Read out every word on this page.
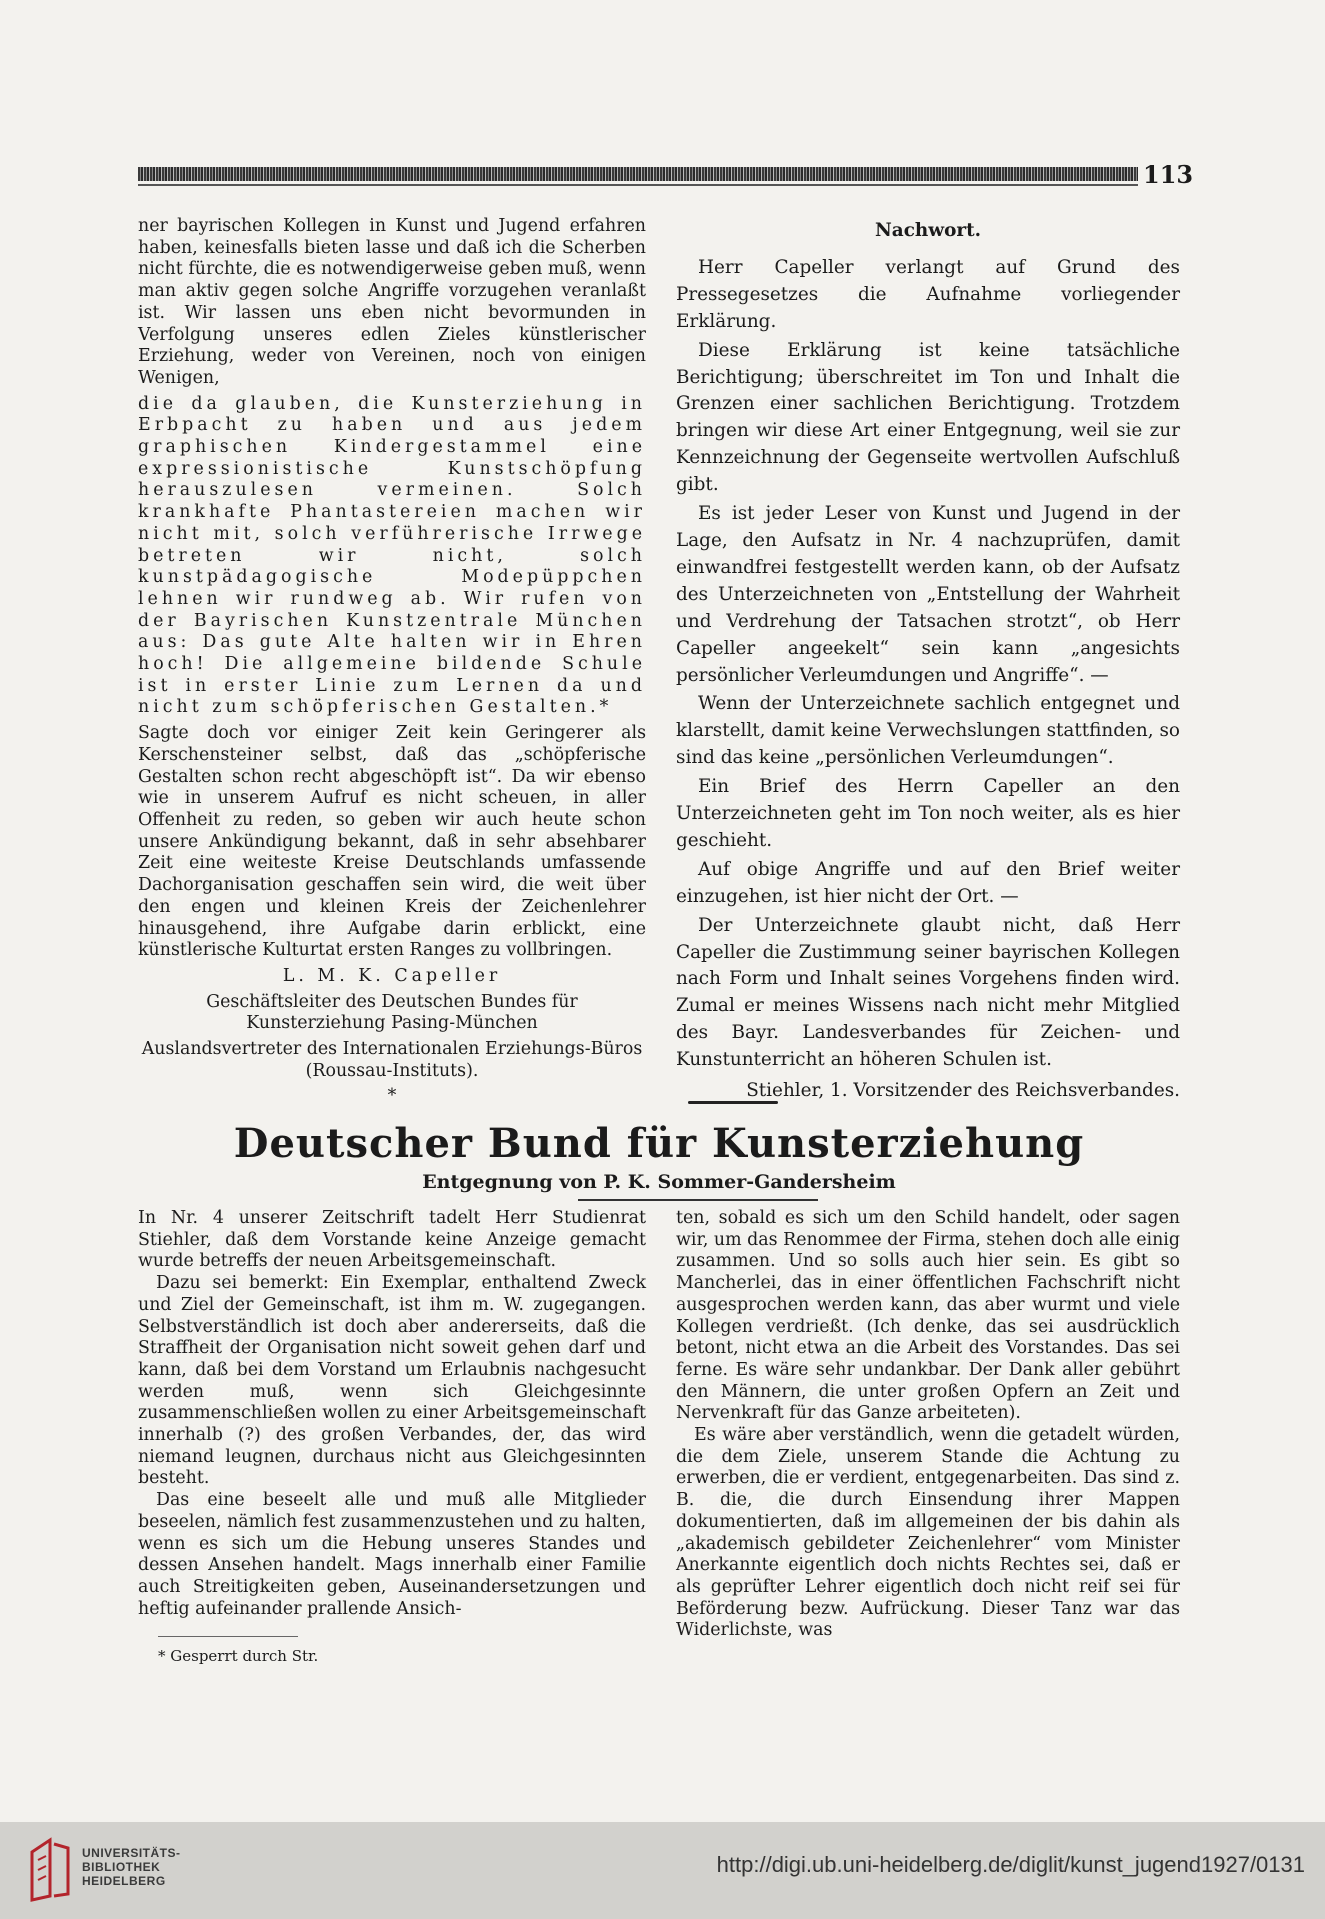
113

ner bayrischen Kollegen in Kunst und Jugend erfahren haben, keinesfalls bieten lasse und daß ich die Scherben nicht fürchte, die es notwendigerweise geben muß, wenn man aktiv gegen solche Angriffe vorzugehen veranlaßt ist. Wir lassen uns eben nicht bevormunden in Verfolgung unseres edlen Zieles künstlerischer Erziehung, weder von Vereinen, noch von einigen Wenigen,

die da glauben, die Kunsterziehung in Erbpacht zu haben und aus jedem graphischen Kindergestammel eine expressionistische Kunstschöpfung herauszulesen vermeinen. Solch krankhafte Phantastereien machen wir nicht mit, solch verführerische Irrwege betreten wir nicht, solch kunstpädagogische Modepüppchen lehnen wir rundweg ab. Wir rufen von der Bayrischen Kunstzentrale München aus: Das gute Alte halten wir in Ehren hoch! Die allgemeine bildende Schule ist in erster Linie zum Lernen da und nicht zum schöpferischen Gestalten.*

Sagte doch vor einiger Zeit kein Geringerer als Kerschensteiner selbst, daß das „schöpferische Gestalten schon recht abgeschöpft ist“. Da wir ebenso wie in unserem Aufruf es nicht scheuen, in aller Offenheit zu reden, so geben wir auch heute schon unsere Ankündigung bekannt, daß in sehr absehbarer Zeit eine weiteste Kreise Deutschlands umfassende Dachorganisation geschaffen sein wird, die weit über den engen und kleinen Kreis der Zeichenlehrer hinausgehend, ihre Aufgabe darin erblickt, eine künstlerische Kulturtat ersten Ranges zu vollbringen.

L. M. K. Capeller

Geschäftsleiter des Deutschen Bundes für Kunsterziehung Pasing-München

Auslandsvertreter des Internationalen Erziehungs-Büros (Roussau-Instituts).

*

Nachwort.

Herr Capeller verlangt auf Grund des Pressegesetzes die Aufnahme vorliegender Erklärung.

Diese Erklärung ist keine tatsächliche Berichtigung; überschreitet im Ton und Inhalt die Grenzen einer sachlichen Berichtigung. Trotzdem bringen wir diese Art einer Entgegnung, weil sie zur Kennzeichnung der Gegenseite wertvollen Aufschluß gibt.

Es ist jeder Leser von Kunst und Jugend in der Lage, den Aufsatz in Nr. 4 nachzuprüfen, damit einwandfrei festgestellt werden kann, ob der Aufsatz des Unterzeichneten von „Entstellung der Wahrheit und Verdrehung der Tatsachen strotzt“, ob Herr Capeller angeekelt“ sein kann „angesichts persönlicher Verleumdungen und Angriffe“. —

Wenn der Unterzeichnete sachlich entgegnet und klarstellt, damit keine Verwechslungen stattfinden, so sind das keine „persönlichen Verleumdungen“.

Ein Brief des Herrn Capeller an den Unterzeichneten geht im Ton noch weiter, als es hier geschieht.

Auf obige Angriffe und auf den Brief weiter einzugehen, ist hier nicht der Ort. —

Der Unterzeichnete glaubt nicht, daß Herr Capeller die Zustimmung seiner bayrischen Kollegen nach Form und Inhalt seines Vorgehens finden wird. Zumal er meines Wissens nach nicht mehr Mitglied des Bayr. Landesverbandes für Zeichen- und Kunstunterricht an höheren Schulen ist.

Stiehler, 1. Vorsitzender des Reichsverbandes.

Deutscher Bund für Kunsterziehung
Entgegnung von P. K. Sommer-Gandersheim

In Nr. 4 unserer Zeitschrift tadelt Herr Studienrat Stiehler, daß dem Vorstande keine Anzeige gemacht wurde betreffs der neuen Arbeitsgemeinschaft.

Dazu sei bemerkt: Ein Exemplar, enthaltend Zweck und Ziel der Gemeinschaft, ist ihm m. W. zugegangen. Selbstverständlich ist doch aber andererseits, daß die Straffheit der Organisation nicht soweit gehen darf und kann, daß bei dem Vorstand um Erlaubnis nachgesucht werden muß, wenn sich Gleichgesinnte zusammenschließen wollen zu einer Arbeitsgemeinschaft innerhalb (?) des großen Verbandes, der, das wird niemand leugnen, durchaus nicht aus Gleichgesinnten besteht.

Das eine beseelt alle und muß alle Mitglieder beseelen, nämlich fest zusammenzustehen und zu halten, wenn es sich um die Hebung unseres Standes und dessen Ansehen handelt. Mags innerhalb einer Familie auch Streitigkeiten geben, Auseinandersetzungen und heftig aufeinander prallende Ansich-

ten, sobald es sich um den Schild handelt, oder sagen wir, um das Renommee der Firma, stehen doch alle einig zusammen. Und so solls auch hier sein. Es gibt so Mancherlei, das in einer öffentlichen Fachschrift nicht ausgesprochen werden kann, das aber wurmt und viele Kollegen verdrießt. (Ich denke, das sei ausdrücklich betont, nicht etwa an die Arbeit des Vorstandes. Das sei ferne. Es wäre sehr undankbar. Der Dank aller gebührt den Männern, die unter großen Opfern an Zeit und Nervenkraft für das Ganze arbeiteten).

Es wäre aber verständlich, wenn die getadelt würden, die dem Ziele, unserem Stande die Achtung zu erwerben, die er verdient, entgegenarbeiten. Das sind z. B. die, die durch Einsendung ihrer Mappen dokumentierten, daß im allgemeinen der bis dahin als „akademisch gebildeter Zeichenlehrer“ vom Minister Anerkannte eigentlich doch nichts Rechtes sei, daß er als geprüfter Lehrer eigentlich doch nicht reif sei für Beförderung bezw. Aufrückung. Dieser Tanz war das Widerlichste, was

* Gesperrt durch Str.
UNIVERSITÄTS-
BIBLIOTHEK
HEIDELBERG
http://digi.ub.uni-heidelberg.de/diglit/kunst_jugend1927/0131
